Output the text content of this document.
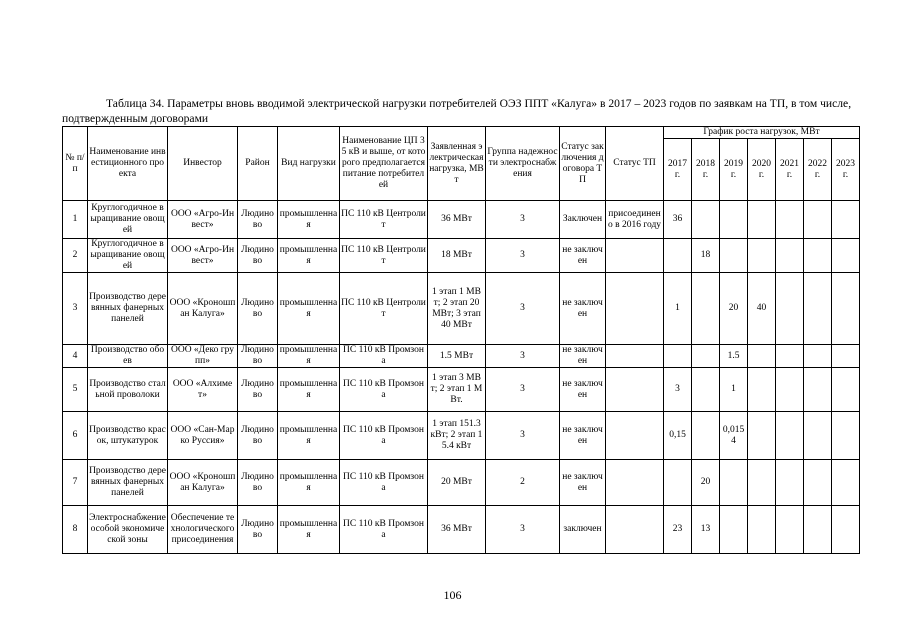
Таблица 34. Параметры вновь вводимой электрической нагрузки потребителей ОЭЗ ППТ «Калуга» в 2017 – 2023 годов по заявкам на ТП, в том числе, подтвержденным договорами
№ п/п	Наименование инвестиционного проекта	Инвестор	Район	Вид нагрузки	Наименование ЦП 35 кВ и выше, от которого предполагается питание потребителей	Заявленная электрическая нагрузка, МВт	Группа надежности электроснабжения	Статус заключения договора ТП	Статус ТП	График роста нагрузок, МВт						
										2017 г.	2018 г.	2019 г.	2020 г.	2021 г.	2022 г.	2023 г.
1	Круглогодичное выращивание овощей	ООО «Агро-Инвест»	Людиново	промышленная	ПС 110 кВ Центролит	36 МВт	3	Заключен	присоединено в 2016 году	36						
2	Круглогодичное выращивание овощей	ООО «Агро-Инвест»	Людиново	промышленная	ПС 110 кВ Центролит	18 МВт	3	не заключен			18					
3	Производство деревянных фанерных панелей	ООО «Кроношпан Калуга»	Людиново	промышленная	ПС 110 кВ Центролит	1 этап 1 МВт; 2 этап 20 МВт; 3 этап 40 МВт	3	не заключен		1		20	40			
4	Производство обоев	ООО «Деко групп»	Людиново	промышленная	ПС 110 кВ Промзона	1.5 МВт	3	не заключен				1.5				
5	Производство стальной проволоки	ООО «Алхимет»	Людиново	промышленная	ПС 110 кВ Промзона	1 этап 3 МВт; 2 этап 1 МВт.	3	не заключен		3		1				
6	Производство красок, штукатурок	ООО «Сан-Марко Руссия»	Людиново	промышленная	ПС 110 кВ Промзона	1 этап 151.3 кВт; 2 этап 15.4 кВт	3	не заключен		0,15		0,0154				
7	Производство деревянных фанерных панелей	ООО «Кроношпан Калуга»	Людиново	промышленная	ПС 110 кВ Промзона	20 МВт	2	не заключен			20					
8	Электроснабжение особой экономической зоны	Обеспечение технологического присоединения	Людиново	промышленная	ПС 110 кВ Промзона	36 МВт	3	заключен		23	13					
106
